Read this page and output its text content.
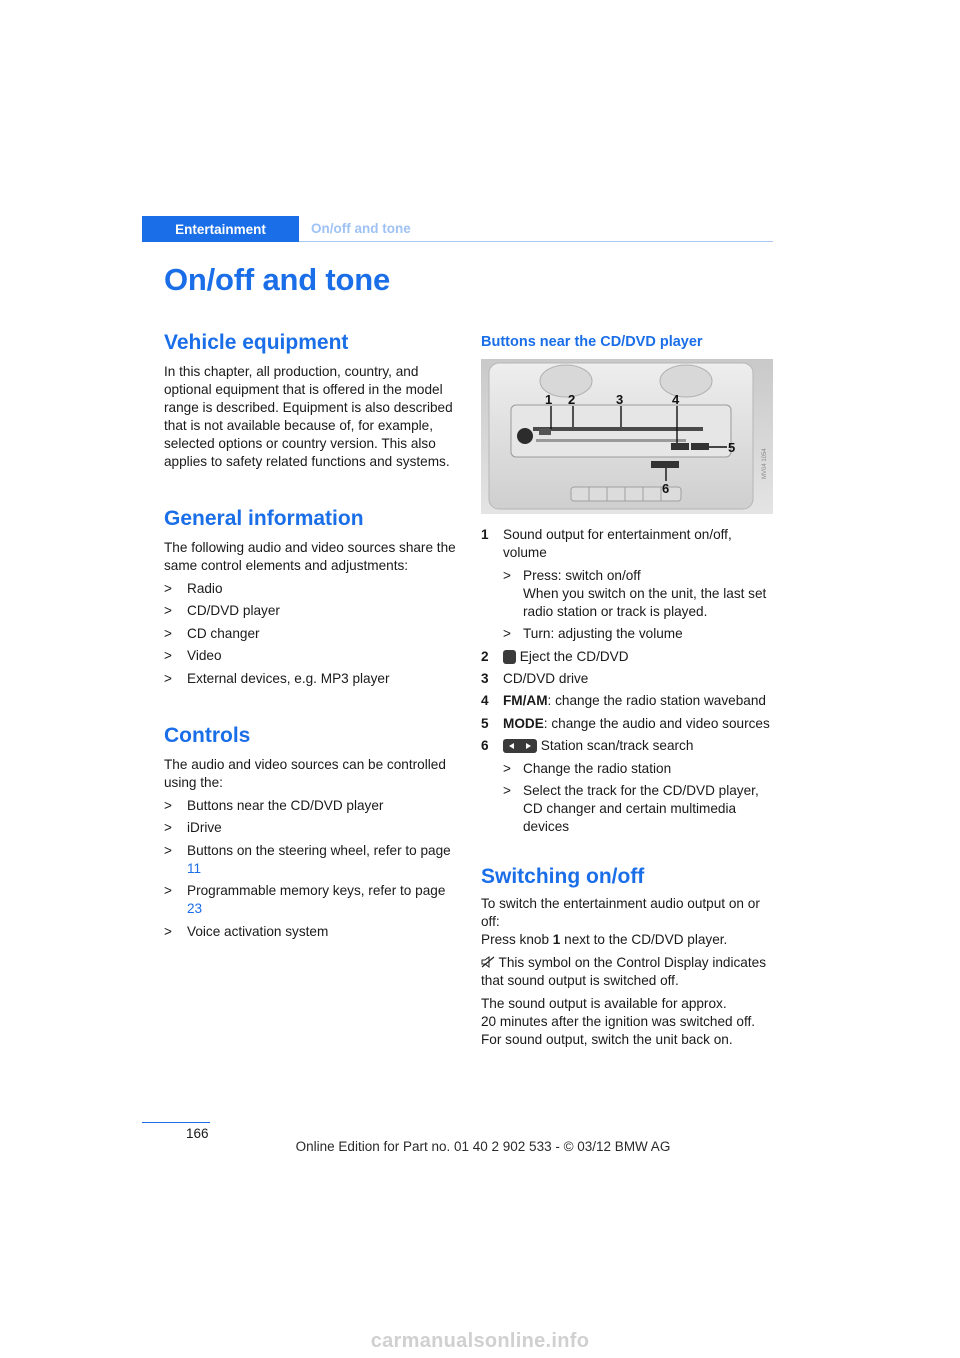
Entertainment	On/off and tone
On/off and tone
Vehicle equipment

In this chapter, all production, country, and optional equipment that is offered in the model range is described. Equipment is also described that is not available because of, for example, selected options or country version. This also applies to safety related functions and systems.

General information

The following audio and video sources share the same control elements and adjustments:

> Radio
> CD/DVD player
> CD changer
> Video
> External devices, e.g. MP3 player
Controls

The audio and video sources can be controlled using the:

> Buttons near the CD/DVD player
> iDrive
> Buttons on the steering wheel, refer to page 11
> Programmable memory keys, refer to page 23
> Voice activation system
Buttons near the CD/DVD player
1 2	3	4
5
6
MV04 1054
1 Sound output for entertainment on/off, volume
> Press: switch on/off
When you switch on the unit, the last set radio station or track is played.
> Turn: adjusting the volume
2 Eject the CD/DVD
3 CD/DVD drive
4 FM/AM: change the radio station waveband
5 MODE: change the audio and video sources
6	Station scan/track search
> Change the radio station
> Select the track for the CD/DVD player, CD changer and certain multimedia devices
Switching on/off

To switch the entertainment audio output on or off:
Press knob 1 next to the CD/DVD player.

This symbol on the Control Display indicates that sound output is switched off.

The sound output is available for approx.
20 minutes after the ignition was switched off.
For sound output, switch the unit back on.

166
Online Edition for Part no. 01 40 2 902 533 - © 03/12 BMW AG
carmanualsonline.info
